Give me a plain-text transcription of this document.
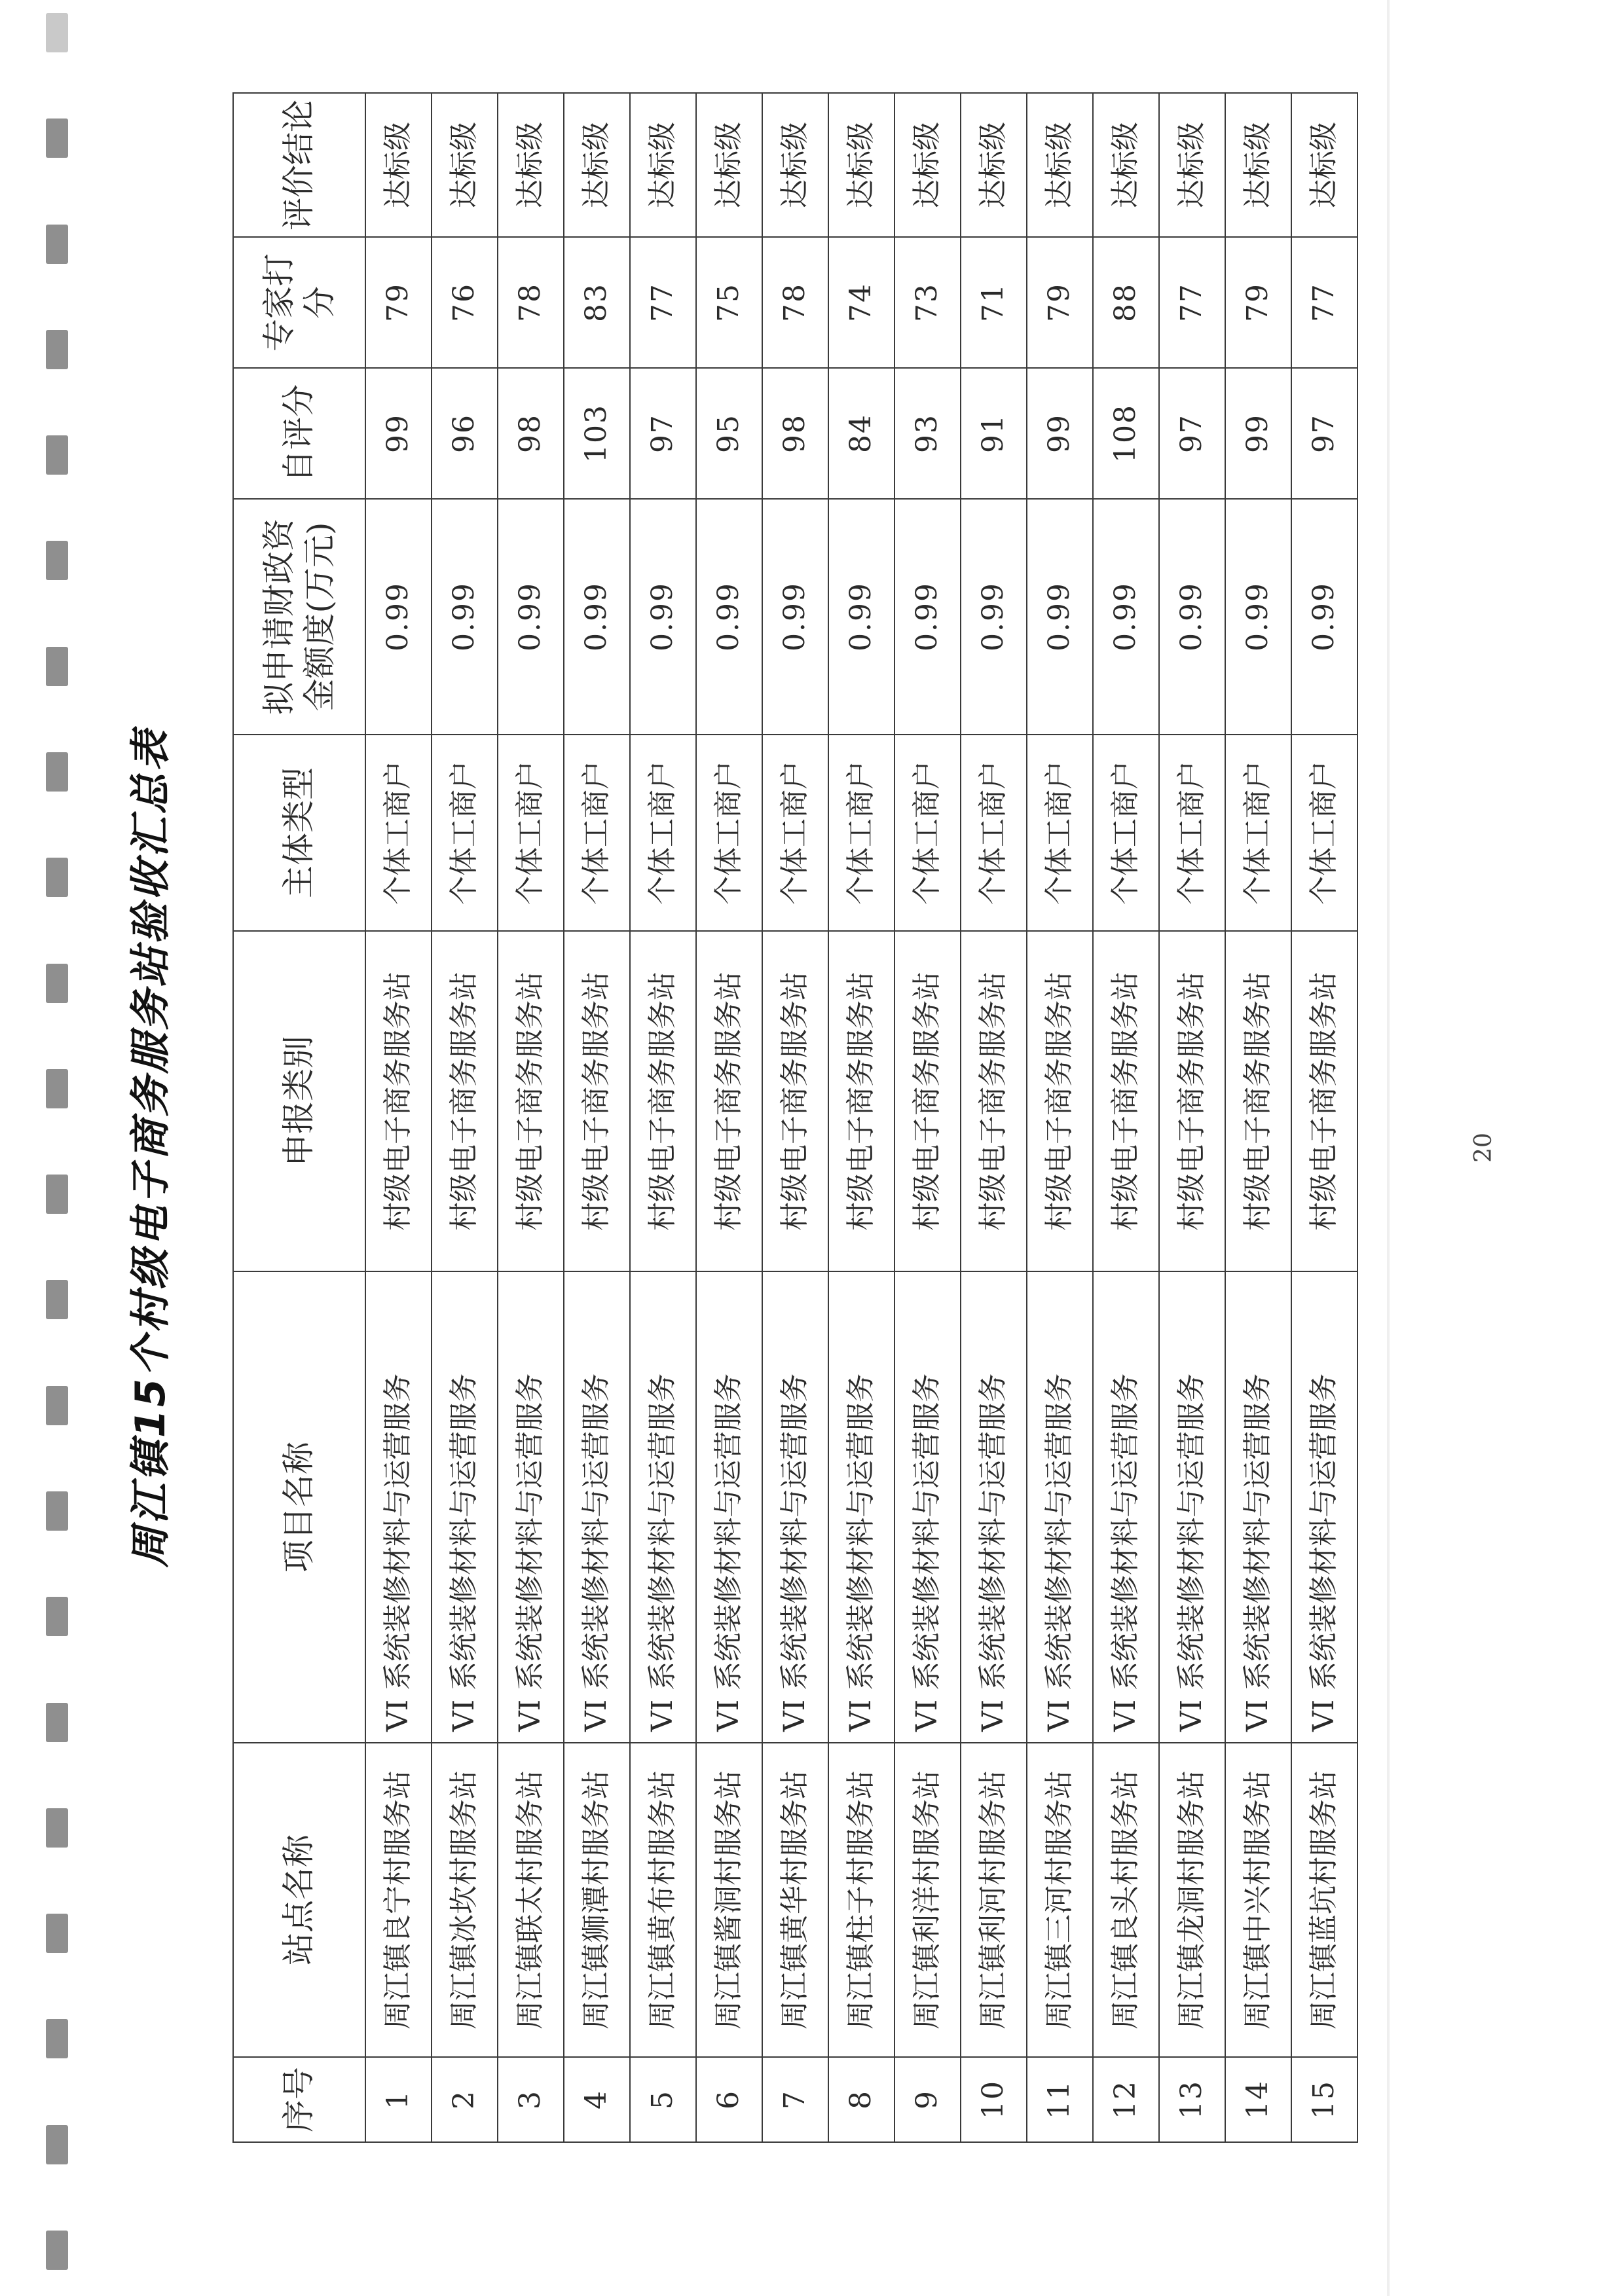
周江镇15个村级电子商务服务站验收汇总表
序号	站点名称	项目名称	申报类别	主体类型	拟申请财政资金额度(万元)	自评分	专家打分	评价结论
1	周江镇良宁村服务站	VI 系统装修材料与运营服务	村级电子商务服务站	个体工商户	0.99	99	79	达标级
2	周江镇冰坎村服务站	VI 系统装修材料与运营服务	村级电子商务服务站	个体工商户	0.99	96	76	达标级
3	周江镇联太村服务站	VI 系统装修材料与运营服务	村级电子商务服务站	个体工商户	0.99	98	78	达标级
4	周江镇狮潭村服务站	VI 系统装修材料与运营服务	村级电子商务服务站	个体工商户	0.99	103	83	达标级
5	周江镇黄布村服务站	VI 系统装修材料与运营服务	村级电子商务服务站	个体工商户	0.99	97	77	达标级
6	周江镇酱洞村服务站	VI 系统装修材料与运营服务	村级电子商务服务站	个体工商户	0.99	95	75	达标级
7	周江镇黄华村服务站	VI 系统装修材料与运营服务	村级电子商务服务站	个体工商户	0.99	98	78	达标级
8	周江镇柱子村服务站	VI 系统装修材料与运营服务	村级电子商务服务站	个体工商户	0.99	84	74	达标级
9	周江镇利洋村服务站	VI 系统装修材料与运营服务	村级电子商务服务站	个体工商户	0.99	93	73	达标级
10	周江镇利河村服务站	VI 系统装修材料与运营服务	村级电子商务服务站	个体工商户	0.99	91	71	达标级
11	周江镇三河村服务站	VI 系统装修材料与运营服务	村级电子商务服务站	个体工商户	0.99	99	79	达标级
12	周江镇良头村服务站	VI 系统装修材料与运营服务	村级电子商务服务站	个体工商户	0.99	108	88	达标级
13	周江镇龙洞村服务站	VI 系统装修材料与运营服务	村级电子商务服务站	个体工商户	0.99	97	77	达标级
14	周江镇中兴村服务站	VI 系统装修材料与运营服务	村级电子商务服务站	个体工商户	0.99	99	79	达标级
15	周江镇蓝坑村服务站	VI 系统装修材料与运营服务	村级电子商务服务站	个体工商户	0.99	97	77	达标级
20
